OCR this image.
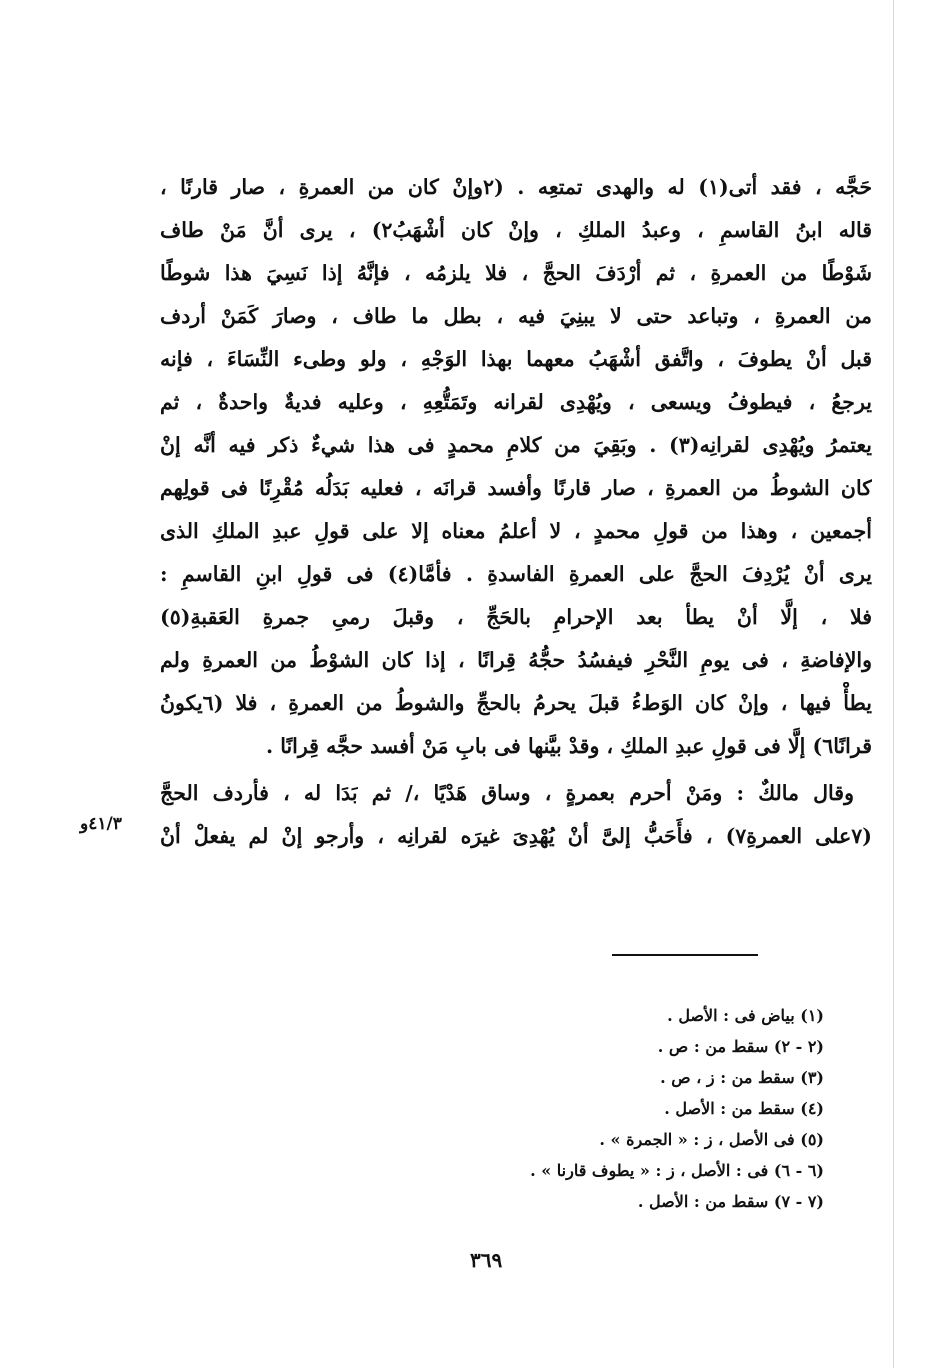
حَجَّه ، فقد أتى(١) له والهدى تمتعِه . (٢وإنْ كان من العمرةِ ، صار قارنًا ،
قاله ابنُ القاسمِ ، وعبدُ الملكِ ، وإنْ كان أشْهَبُ٢) ، يرى أنَّ مَنْ طاف
شَوْطًا من العمرةِ ، ثم أرْدَفَ الحجَّ ، فلا يلزمُه ، فإنَّهُ إذا نَسِيَ هذا شوطًا
من العمرةِ ، وتباعد حتى لا يبنِيَ فيه ، بطل ما طاف ، وصارَ كَمَنْ أردف
قبل أنْ يطوفَ ، واتَّفق أشْهَبُ معهما بهذا الوَجْهِ ، ولو وطىء النِّسَاءَ ، فإنه
يرجعُ ، فيطوفُ ويسعى ، ويُهْدِى لقرانه وتَمَتُّعِهِ ، وعليه فديةٌ واحدةٌ ، ثم
يعتمرُ ويُهْدِى لقرانِه(٣) . وبَقِيَ من كلامِ محمدٍ فى هذا شيءٌ ذكر فيه أنَّه إنْ
كان الشوطُ من العمرةِ ، صار قارنًا وأفسد قرانَه ، فعليه بَدَلُه مُقْرِنًا فى قولِهم
أجمعين ، وهذا من قولِ محمدٍ ، لا أعلمُ معناه إلا على قولِ عبدِ الملكِ الذى
يرى أنْ يُرْدِفَ الحجَّ على العمرةِ الفاسدةِ . فأمَّا(٤) فى قولِ ابنِ القاسمِ :
فلا ، إلَّا أنْ يطأ بعد الإحرامِ بالحَجِّ ، وقبلَ رمىِ جمرةِ العَقبةِ(٥)
والإفاضةِ ، فى يومِ النَّحْرِ فيفسُدُ حجُّهُ قِرانًا ، إذا كان الشوْطُ من العمرةِ ولم
يطأْ فيها ، وإنْ كان الوَطءُ قبلَ يحرمُ بالحجِّ والشوطُ من العمرةِ ، فلا (٦يكونُ
قرانًا٦) إلَّا فى قولِ عبدِ الملكِ ، وقدْ بيَّنها فى بابِ مَنْ أفسد حجَّه قِرانًا .
وقال مالكٌ : ومَنْ أحرم بعمرةٍ ، وساق هَدْيًا ،/ ثم بَدَا له ، فأردف الحجَّ
(٧على العمرةِ٧) ، فأَحَبُّ إلىَّ أنْ يُهْدِىَ غيرَه لقرانِه ، وأرجو إنْ لم يفعلْ أنْ
٤١/٣و
(١) بياض فى : الأصل .
(٢ - ٢) سقط من : ص .
(٣) سقط من : ز ، ص .
(٤) سقط من : الأصل .
(٥) فى الأصل ، ز : « الجمرة » .
(٦ - ٦) فى : الأصل ، ز : « يطوف قارنا » .
(٧ - ٧) سقط من : الأصل .
٣٦٩
